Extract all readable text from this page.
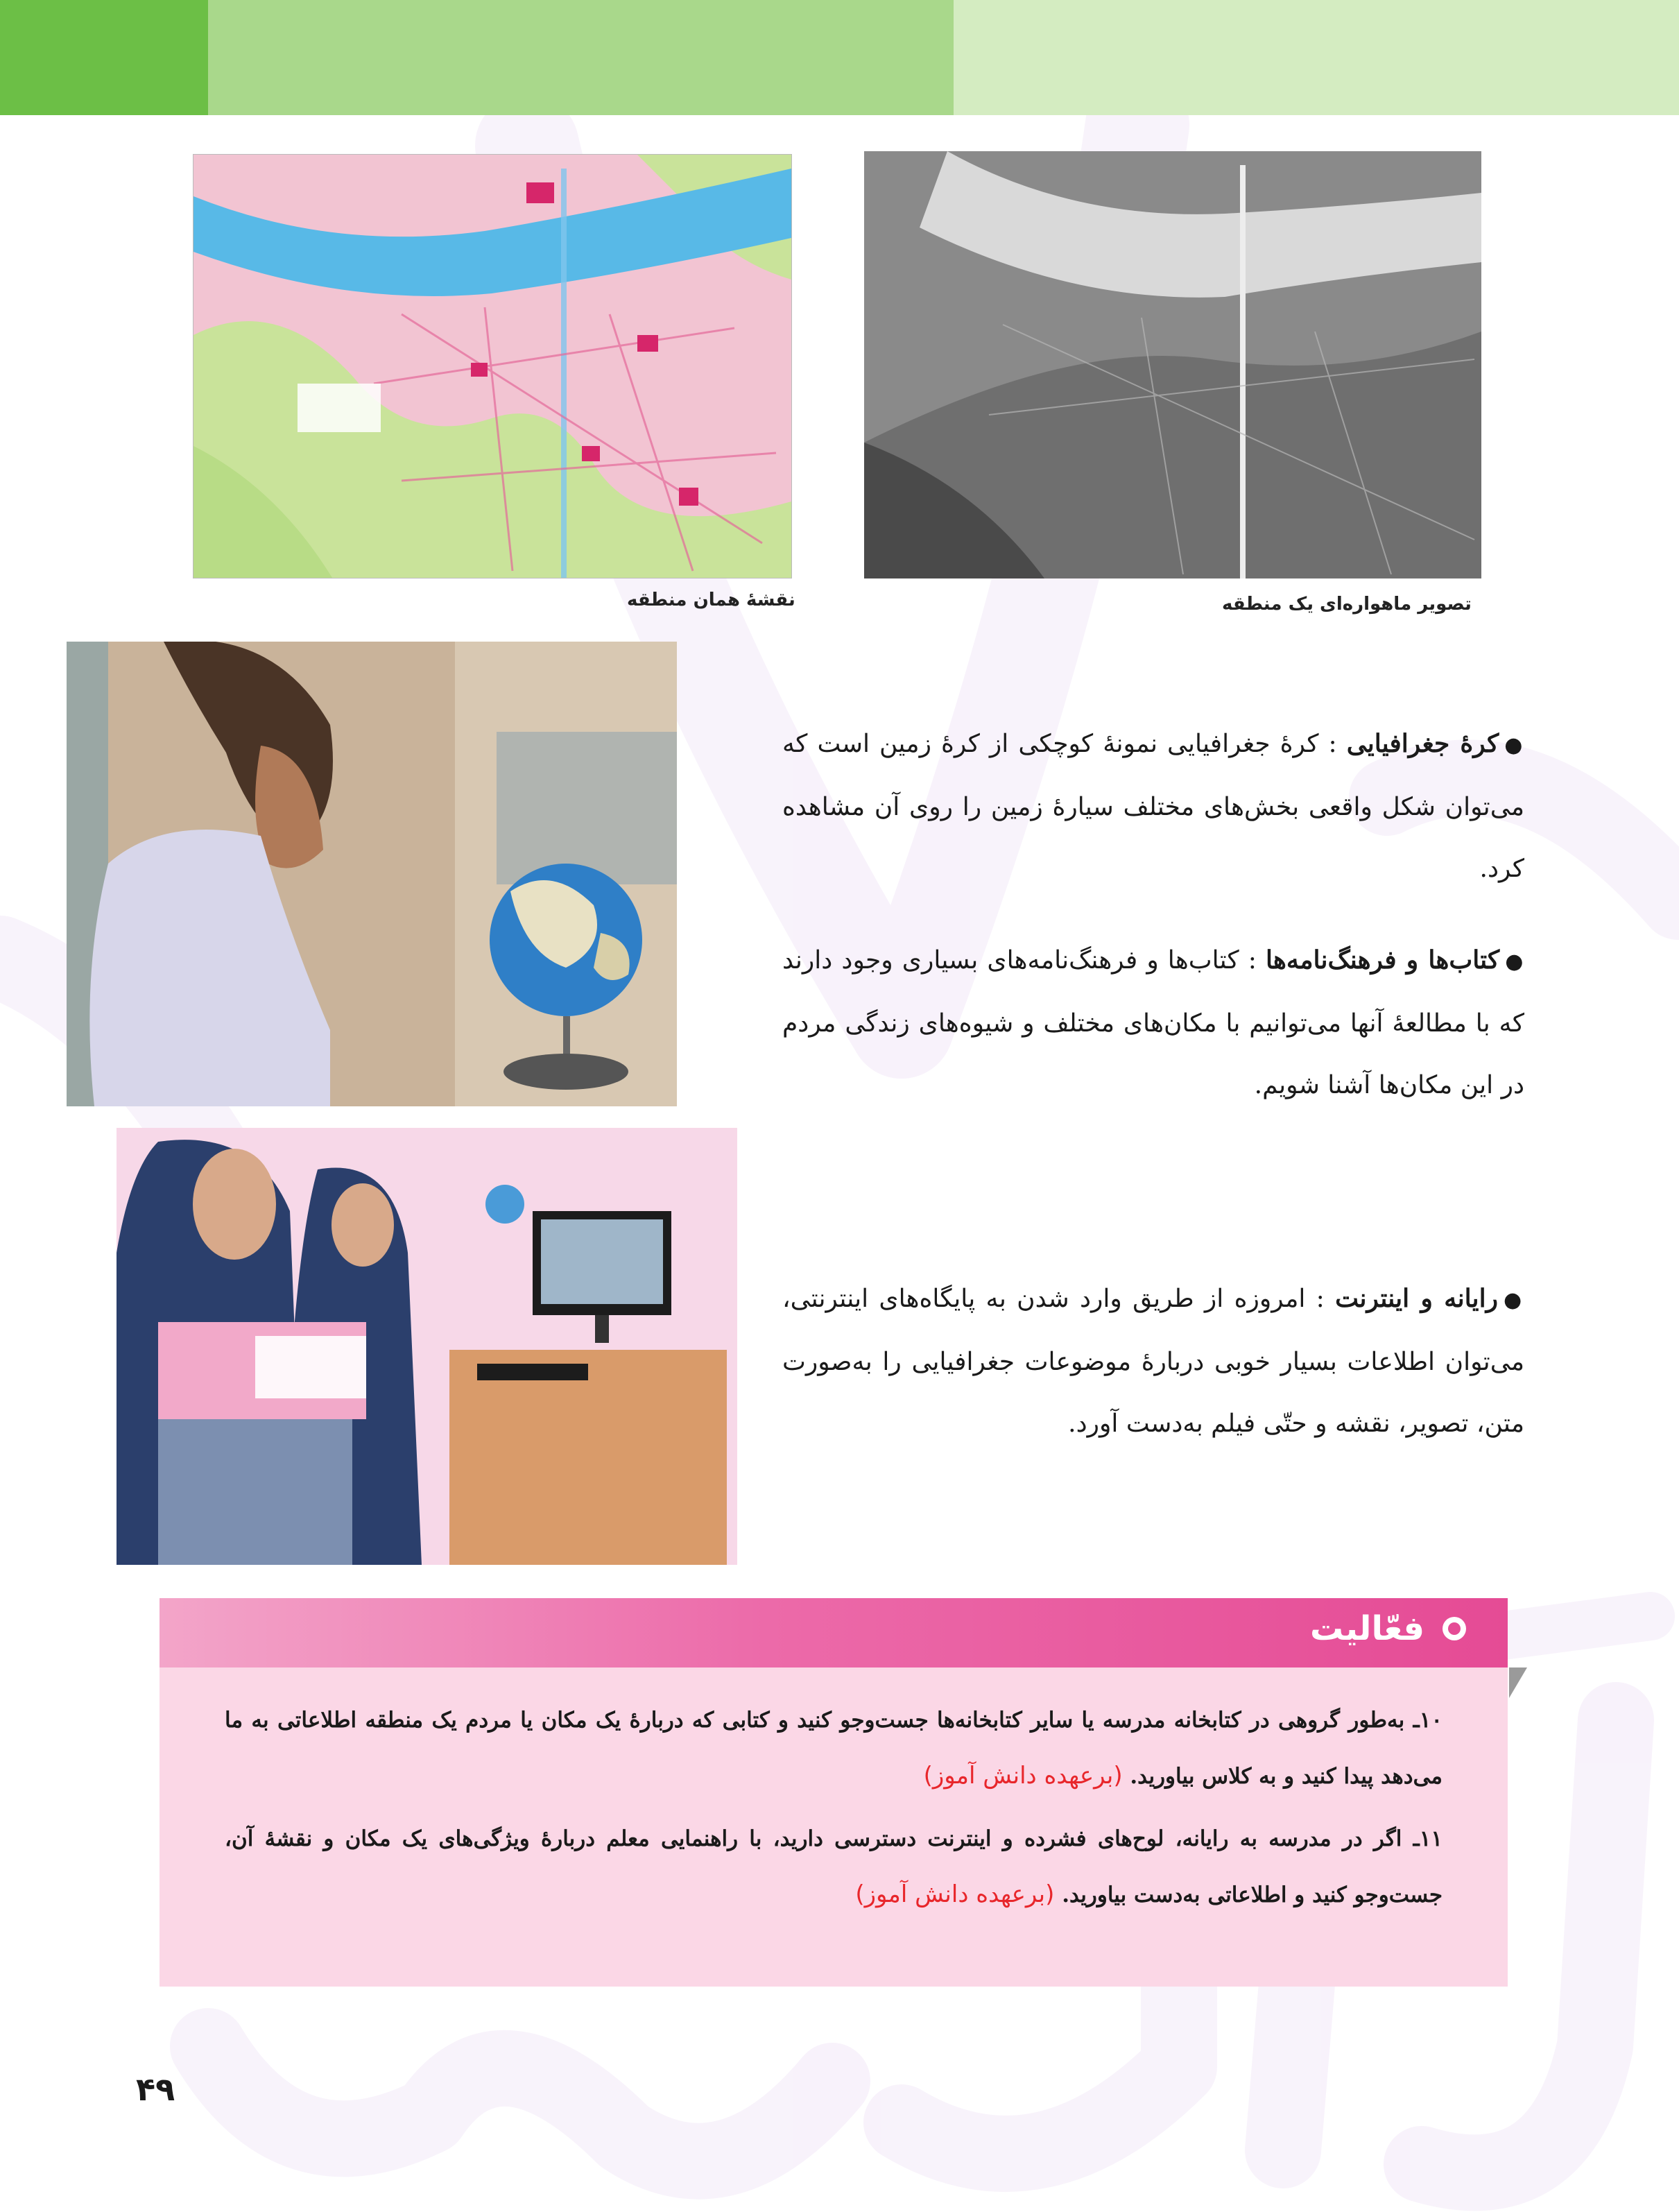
نقشهٔ همان منطقه	تصویر ماهواره‌ای یک منطقه

●کرهٔ جغرافیایی : کرهٔ جغرافیایی نمونهٔ کوچکی از کرهٔ زمین است که می‌توان شکل واقعی بخش‌های مختلف سیارهٔ زمین را روی آن مشاهده کرد.

●کتاب‌ها و فرهنگ‌نامه‌ها : کتاب‌ها و فرهنگ‌نامه‌های بسیاری وجود دارند که با مطالعهٔ آنها می‌توانیم با مکان‌های مختلف و شیوه‌های زندگی مردم در این مکان‌ها آشنا شویم.

●رایانه و اینترنت : امروزه از طریق وارد شدن به پایگاه‌های اینترنتی، می‌توان اطلاعات بسیار خوبی دربارهٔ موضوعات جغرافیایی را به‌صورت متن، تصویر، نقشه و حتّی فیلم به‌دست آورد.

فعّالیت
۱۰ـ به‌طور گروهی در کتابخانه مدرسه یا سایر کتابخانه‌ها جست‌وجو کنید و کتابی که دربارهٔ یک مکان یا مردم یک منطقه اطلاعاتی به ما می‌دهد پیدا کنید و به کلاس بیاورید. (برعهده دانش آموز)
۱۱ـ اگر در مدرسه به رایانه، لوح‌های فشرده و اینترنت دسترسی دارید، با راهنمایی معلم دربارهٔ ویژگی‌های یک مکان و نقشهٔ آن، جست‌وجو کنید و اطلاعاتی به‌دست بیاورید. (برعهده دانش آموز)
۴۹
